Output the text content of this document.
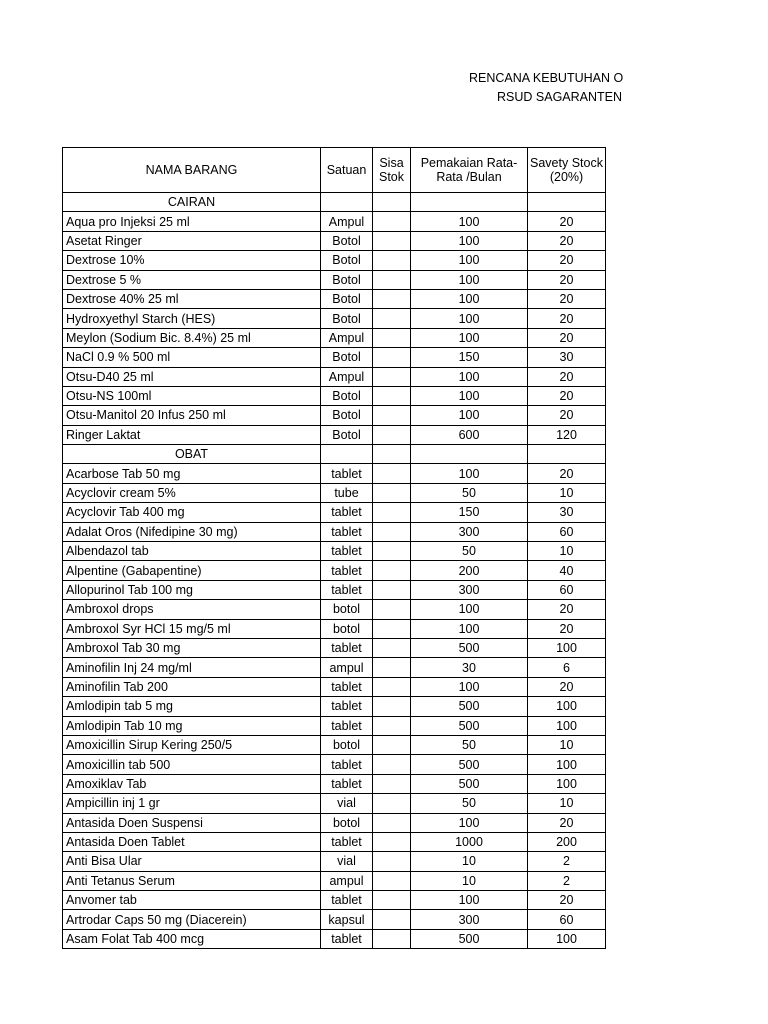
RENCANA KEBUTUHAN O
RSUD SAGARANTEN
NAMA BARANG	Satuan	Sisa Stok	Pemakaian Rata-Rata /Bulan	Savety Stock (20%)
CAIRAN				
Aqua pro Injeksi 25 ml	Ampul		100	20
Asetat Ringer	Botol		100	20
Dextrose 10%	Botol		100	20
Dextrose 5 %	Botol		100	20
Dextrose 40% 25 ml	Botol		100	20
Hydroxyethyl Starch (HES)	Botol		100	20
Meylon (Sodium Bic. 8.4%) 25 ml	Ampul		100	20
NaCl 0.9 % 500 ml	Botol		150	30
Otsu-D40 25 ml	Ampul		100	20
Otsu-NS 100ml	Botol		100	20
Otsu-Manitol 20 Infus 250 ml	Botol		100	20
Ringer Laktat	Botol		600	120
OBAT				
Acarbose Tab 50 mg	tablet		100	20
Acyclovir cream 5%	tube		50	10
Acyclovir Tab 400 mg	tablet		150	30
Adalat Oros (Nifedipine 30 mg)	tablet		300	60
Albendazol tab	tablet		50	10
Alpentine (Gabapentine)	tablet		200	40
Allopurinol Tab 100 mg	tablet		300	60
Ambroxol drops	botol		100	20
Ambroxol Syr HCl 15 mg/5 ml	botol		100	20
Ambroxol Tab 30 mg	tablet		500	100
Aminofilin Inj 24 mg/ml	ampul		30	6
Aminofilin Tab 200	tablet		100	20
Amlodipin tab 5 mg	tablet		500	100
Amlodipin Tab 10 mg	tablet		500	100
Amoxicillin Sirup Kering 250/5	botol		50	10
Amoxicillin tab 500	tablet		500	100
Amoxiklav Tab	tablet		500	100
Ampicillin inj 1 gr	vial		50	10
Antasida Doen Suspensi	botol		100	20
Antasida Doen Tablet	tablet		1000	200
Anti Bisa Ular	vial		10	2
Anti Tetanus Serum	ampul		10	2
Anvomer tab	tablet		100	20
Artrodar Caps 50 mg (Diacerein)	kapsul		300	60
Asam Folat Tab 400 mcg	tablet		500	100
